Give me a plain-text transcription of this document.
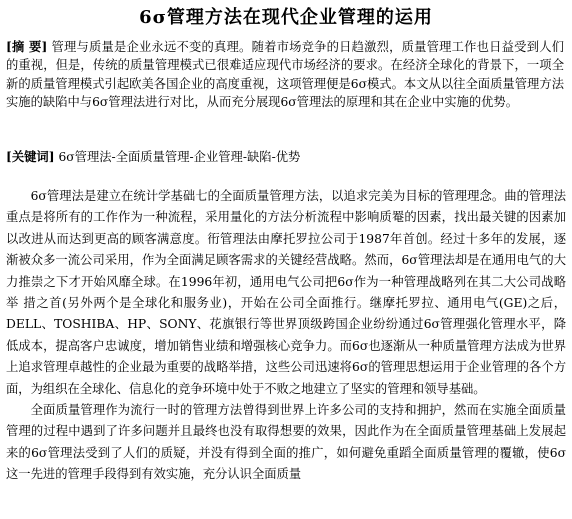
6σ管理方法在现代企业管理的运用
[摘 要] 管理与质量是企业永远不变的真理。随着市场竞争的日趋激烈，质量管理工作也日益受到人们的重视，但是，传统的质量管理模式已很难适应现代市场经济的要求。在经济全球化的背景下，一项全新的质量管理模式引起欧美各国企业的高度重视，这项管理便是6σ模式。本文从以往全面质量管理方法实施的缺陷中与6σ管理法进行对比，从而充分展现6σ管理法的原理和其在企业中实施的优势。
[关键词] 6σ管理法-全面质量管理-企业管理-缺陷-优势

6σ管理法是建立在统计学基础七的全面质量管理方法，以追求完美为目标的管理理念。曲的管理法重点是将所有的工作作为一种流程，采用量化的方法分析流程中影响质罨的因素，找出最关键的因素加以改进从而达到更高的顾客满意度。衎管理法由摩托罗拉公司于1987年首创。经过十多年的发展，逐渐被众多一流公司采用，作为全面满足顾客需求的关键经营战略。然而，6σ管理法却是在通用电气的大力推崇之下才开始风靡全球。在1996年初，通用电气公司把6σ作为一种管理战略列在其二大公司战略举 措之首(另外两个是全球化和服务业)，开始在公司全面推行。继摩托罗拉、通用电气(GE)之后，DELL、TOSHIBA、HP、SONY、花旗银行等世界顶级跨国企业纷纷通过6σ管理强化管理水平，降低成本，提高客户忠诚度，增加销售业绩和增强核心竞争力。而6σ也逐渐从一种质量管理方法成为世界上追求管理卓越性的企业最为重要的战略举措，这些公司迅速将6σ的管理思想运用于企业管理的各个方面，为组织在全球化、信息化的竞争环境中处于不败之地建立了坚实的管理和领导基础。

全面质量管理作为流行一时的管理方法曾得到世界上许多公司的支持和拥护，然而在实施全面质量管理的过程中遇到了许多问题并且最终也没有取得想要的效果，因此作为在全面质量管理基础上发展起来的6σ管理法受到了人们的质疑，并没有得到全面的推广，如何避免重蹈全面质量管理的覆辙，使6σ这一先进的管理手段得到有效实施，充分认识全面质量
